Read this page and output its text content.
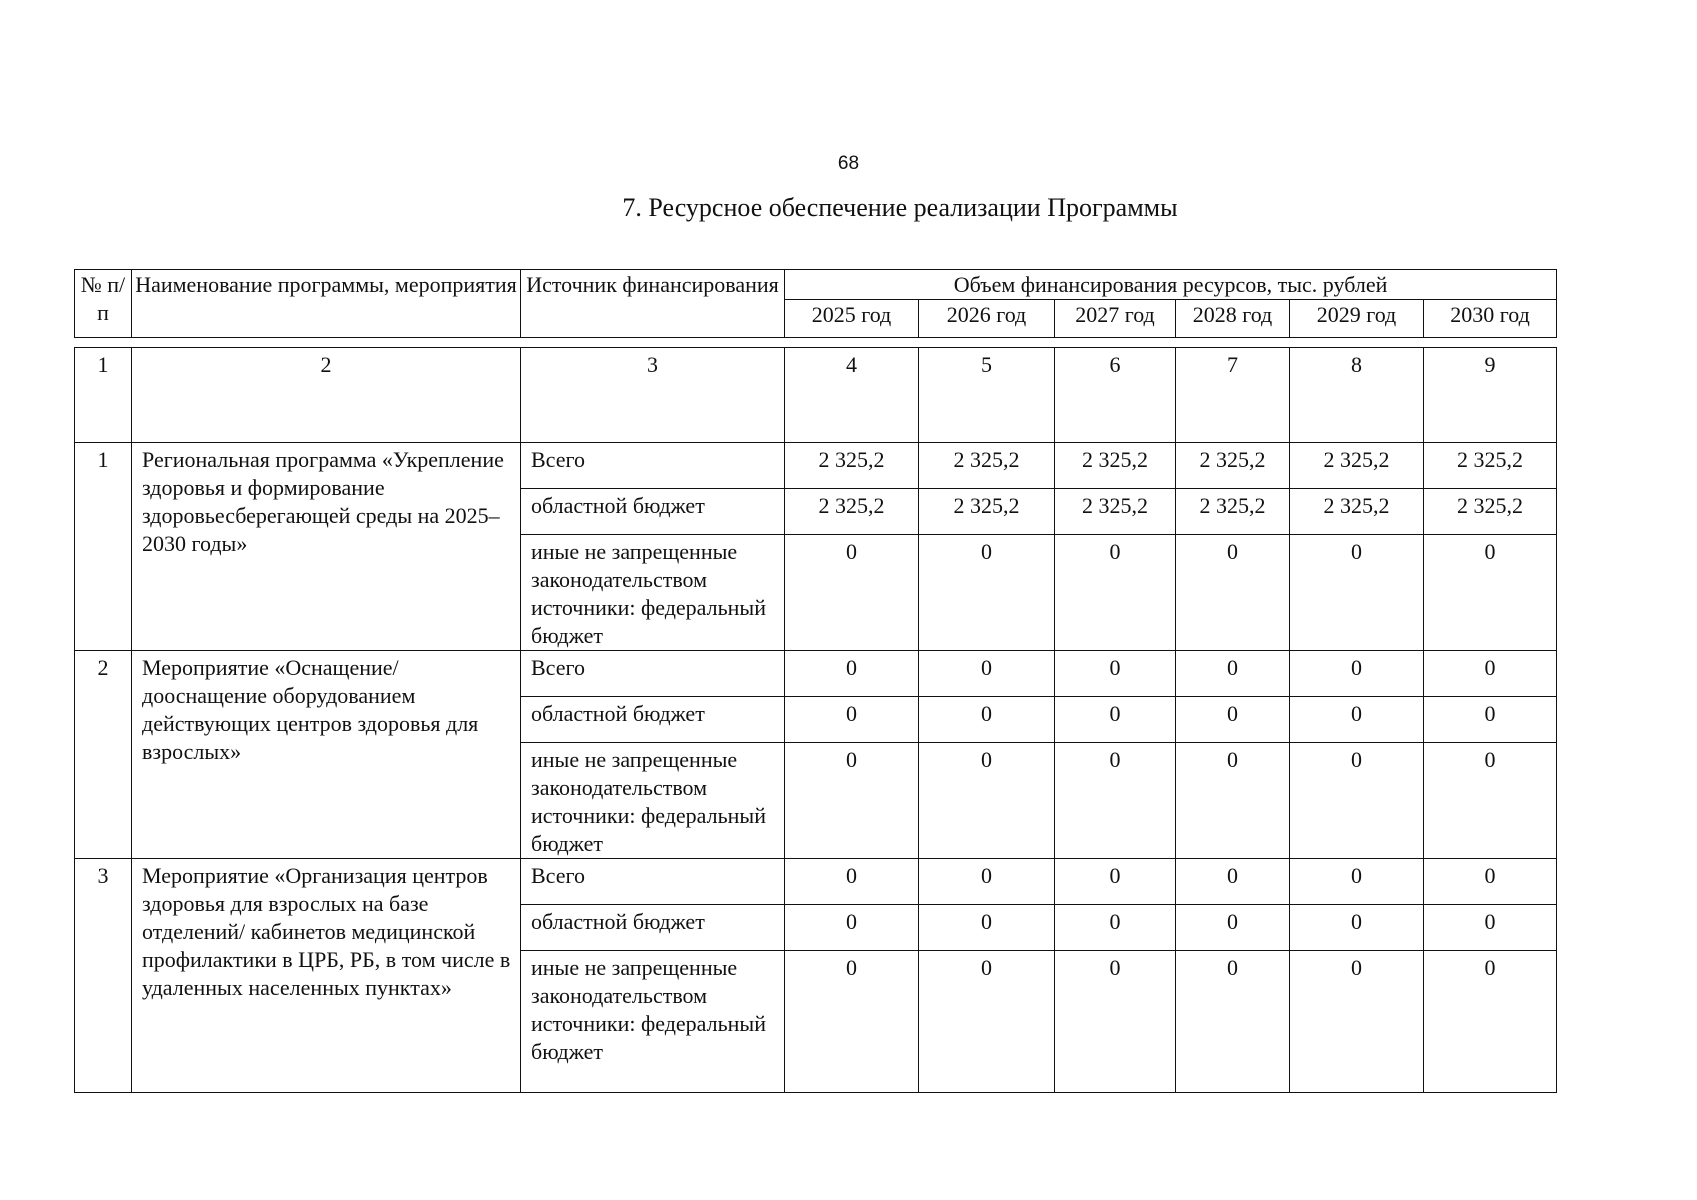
68
7. Ресурсное обеспечение реализации Программы
№ п/п	Наименование программы, мероприятия	Источник финансирования	Объем финансирования ресурсов, тыс. рублей					
			2025 год	2026 год	2027 год	2028 год	2029 год	2030 год
1	2	3	4	5	6	7	8	9
1	Региональная программа «Укрепление здоровья и формирование здоровьесберегающей среды на 2025–2030 годы»	Всего	2 325,2	2 325,2	2 325,2	2 325,2	2 325,2	2 325,2
		областной бюджет	2 325,2	2 325,2	2 325,2	2 325,2	2 325,2	2 325,2
		иные не запрещенные законодательством источники: федеральный бюджет	0	0	0	0	0	0
2	Мероприятие «Оснащение/дооснащение оборудованием действующих центров здоровья для взрослых»	Всего	0	0	0	0	0	0
		областной бюджет	0	0	0	0	0	0
		иные не запрещенные законодательством источники: федеральный бюджет	0	0	0	0	0	0
3	Мероприятие «Организация центров здоровья для взрослых на базе отделений/ кабинетов медицинской профилактики в ЦРБ, РБ, в том числе в удаленных населенных пунктах»	Всего	0	0	0	0	0	0
		областной бюджет	0	0	0	0	0	0
		иные не запрещенные законодательством источники: федеральный бюджет	0	0	0	0	0	0
